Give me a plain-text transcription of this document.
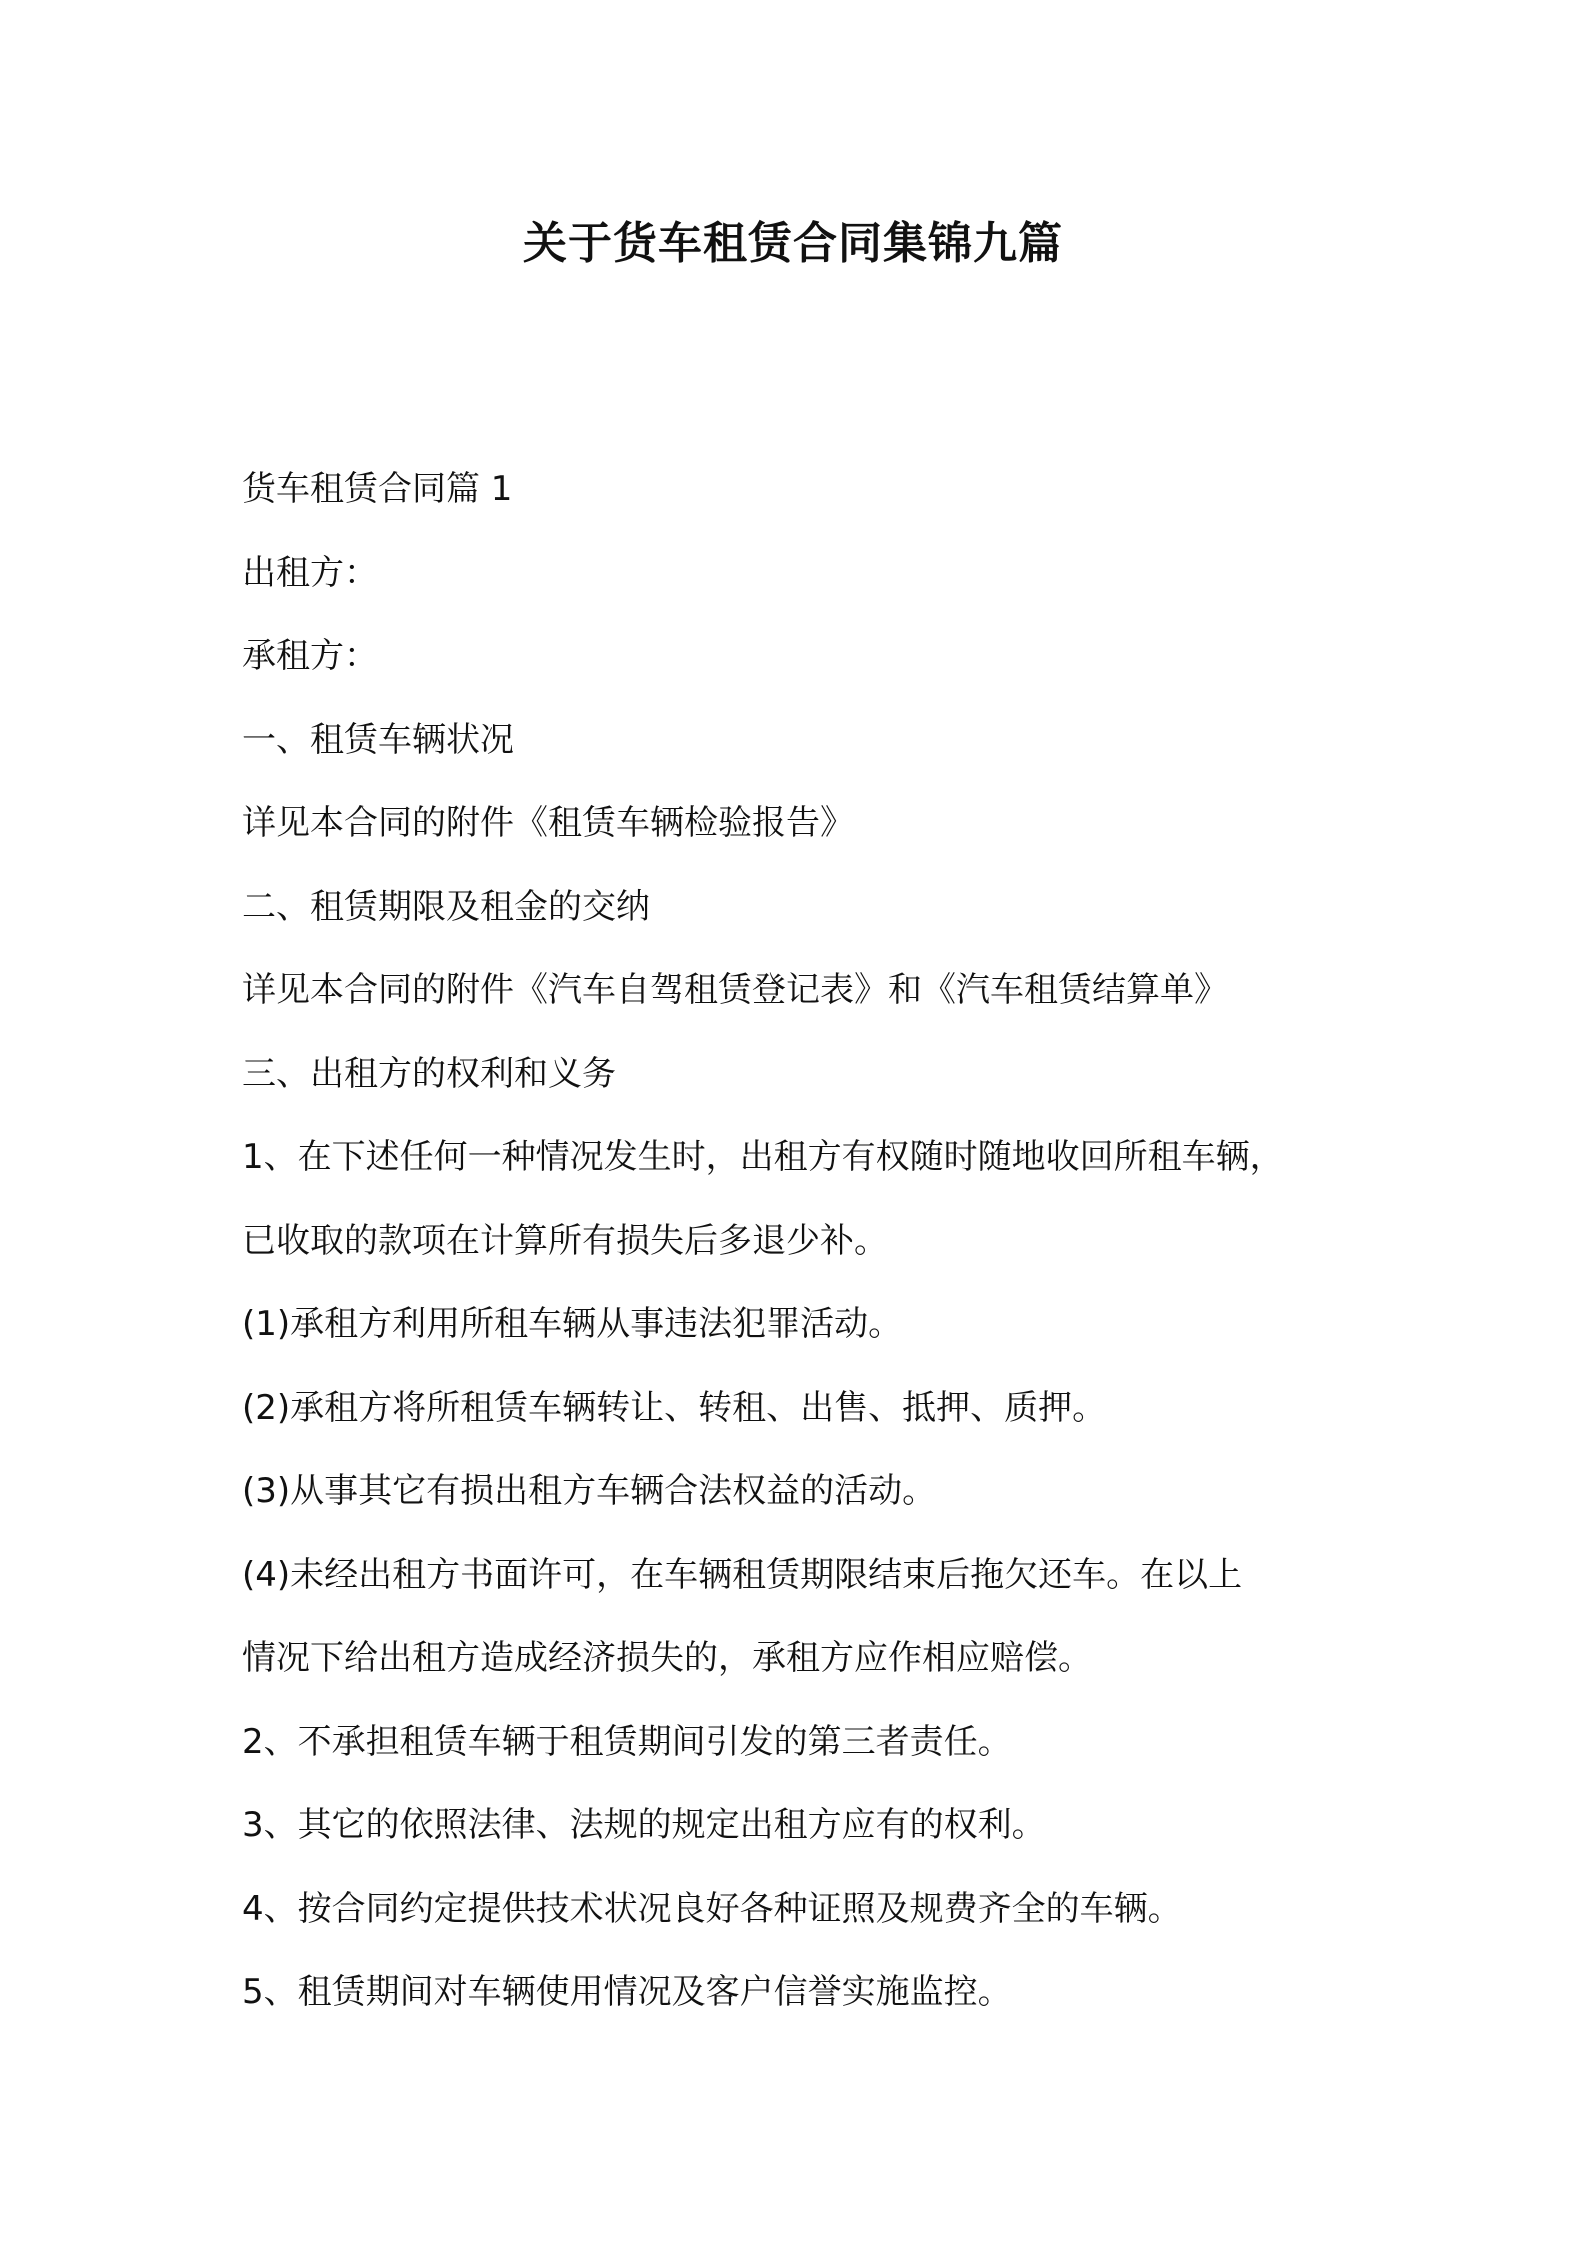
关于货车租赁合同集锦九篇

货车租赁合同篇 1

出租方：

承租方：

一、租赁车辆状况

详见本合同的附件《租赁车辆检验报告》

二、租赁期限及租金的交纳

详见本合同的附件《汽车自驾租赁登记表》和《汽车租赁结算单》

三、出租方的权利和义务

1、在下述任何一种情况发生时，出租方有权随时随地收回所租车辆，

已收取的款项在计算所有损失后多退少补。

(1)承租方利用所租车辆从事违法犯罪活动。

(2)承租方将所租赁车辆转让、转租、出售、抵押、质押。

(3)从事其它有损出租方车辆合法权益的活动。

(4)未经出租方书面许可，在车辆租赁期限结束后拖欠还车。在以上

情况下给出租方造成经济损失的，承租方应作相应赔偿。

2、不承担租赁车辆于租赁期间引发的第三者责任。

3、其它的依照法律、法规的规定出租方应有的权利。

4、按合同约定提供技术状况良好各种证照及规费齐全的车辆。

5、租赁期间对车辆使用情况及客户信誉实施监控。
